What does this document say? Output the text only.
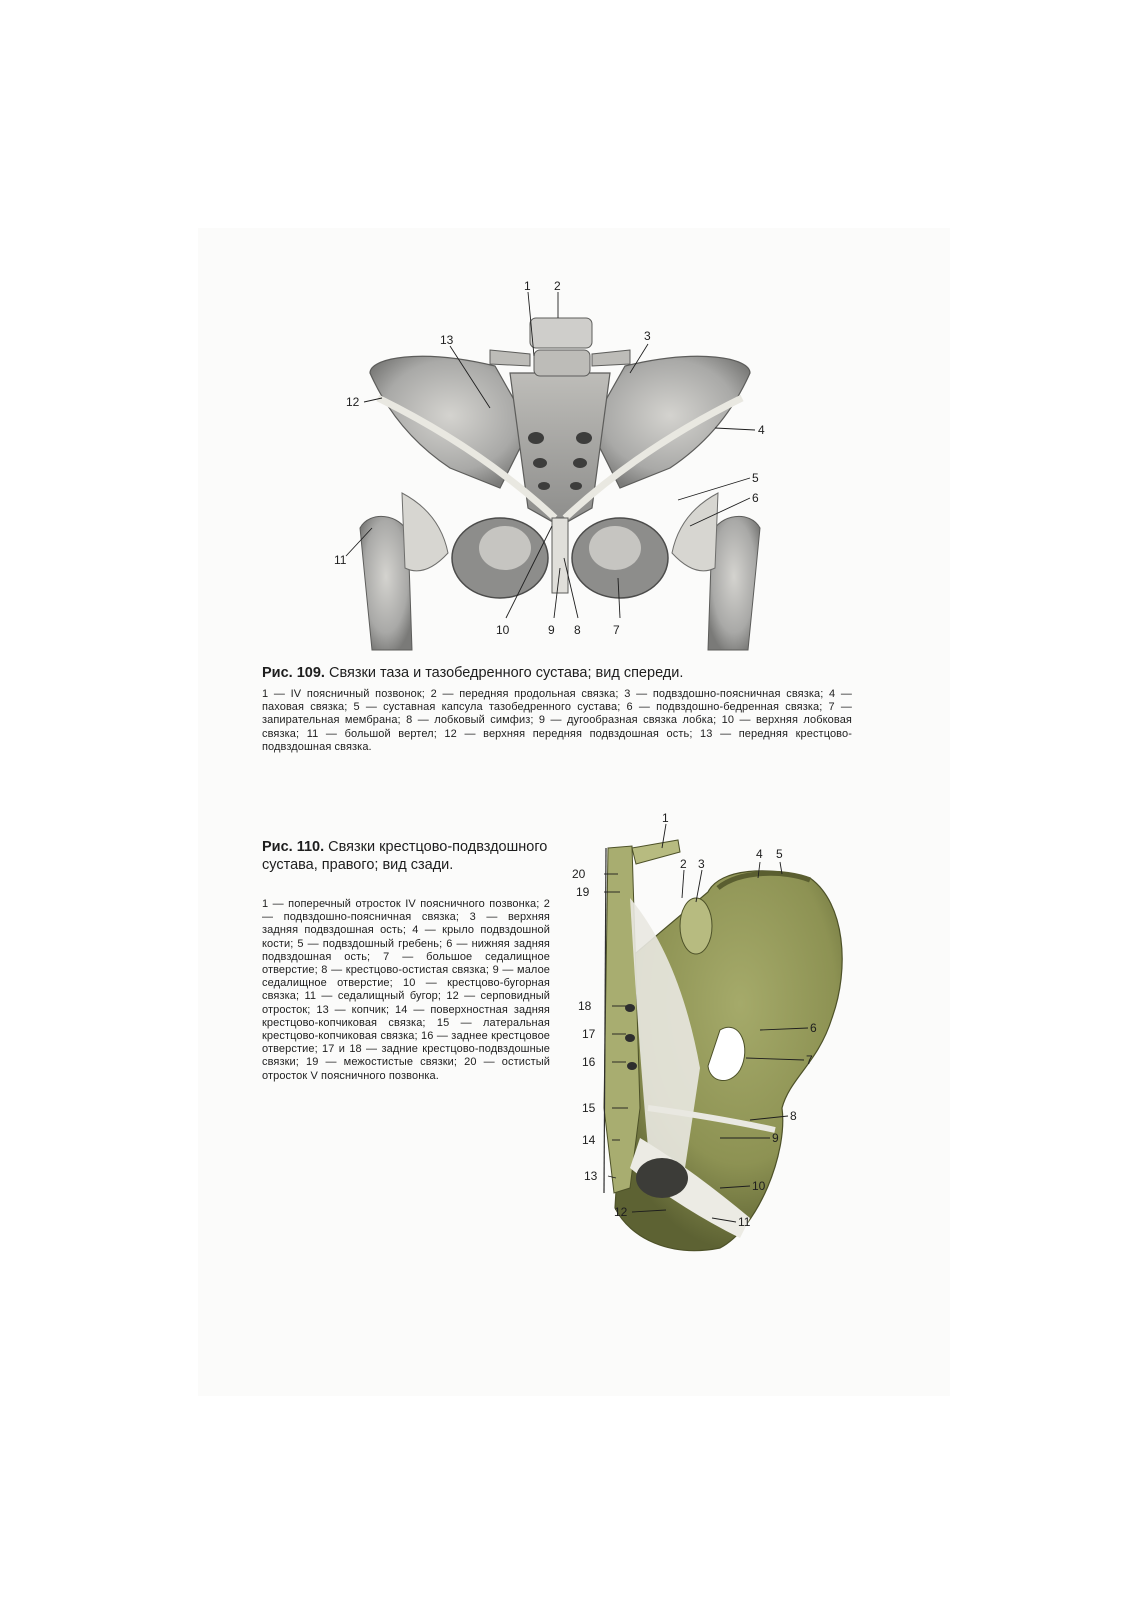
1 2
3
4
5
6
7
8
9
10
11
12
13

Рис. 109. Связки таза и тазобедренного сустава; вид спереди.

1 — IV поясничный позвонок; 2 — передняя продольная связка; 3 — подвздошно-поясничная связка; 4 — паховая связка; 5 — суставная капсула тазобедренного сустава; 6 — подвздошно-бедренная связка; 7 — запирательная мембрана; 8 — лобковый симфиз; 9 — дугообразная связка лобка; 10 — верхняя лобковая связка; 11 — большой вертел; 12 — верхняя передняя подвздошная ость; 13 — передняя крестцово-подвздошная связка.

Рис. 110. Связки крестцово-подвздошного сустава, правого; вид сзади.

1 — поперечный отросток IV поясничного позвонка; 2 — подвздошно-поясничная связка; 3 — верхняя задняя подвздошная ость; 4 — крыло подвздошной кости; 5 — подвздошный гребень; 6 — нижняя задняя подвздошная ость; 7 — большое седалищное отверстие; 8 — крестцово-остистая связка; 9 — малое седалищное отверстие; 10 — крестцово-бугорная связка; 11 — седалищный бугор; 12 — серповидный отросток; 13 — копчик; 14 — поверхностная задняя крестцово-копчиковая связка; 15 — латеральная крестцово-копчиковая связка; 16 — заднее крестцовое отверстие; 17 и 18 — задние крестцово-подвздошные связки; 19 — межостистые связки; 20 — остистый отросток V поясничного позвонка.

1
2 3
4 5
6
7
8
9
10
11
12
13
14
15
16
17
18
19
20
